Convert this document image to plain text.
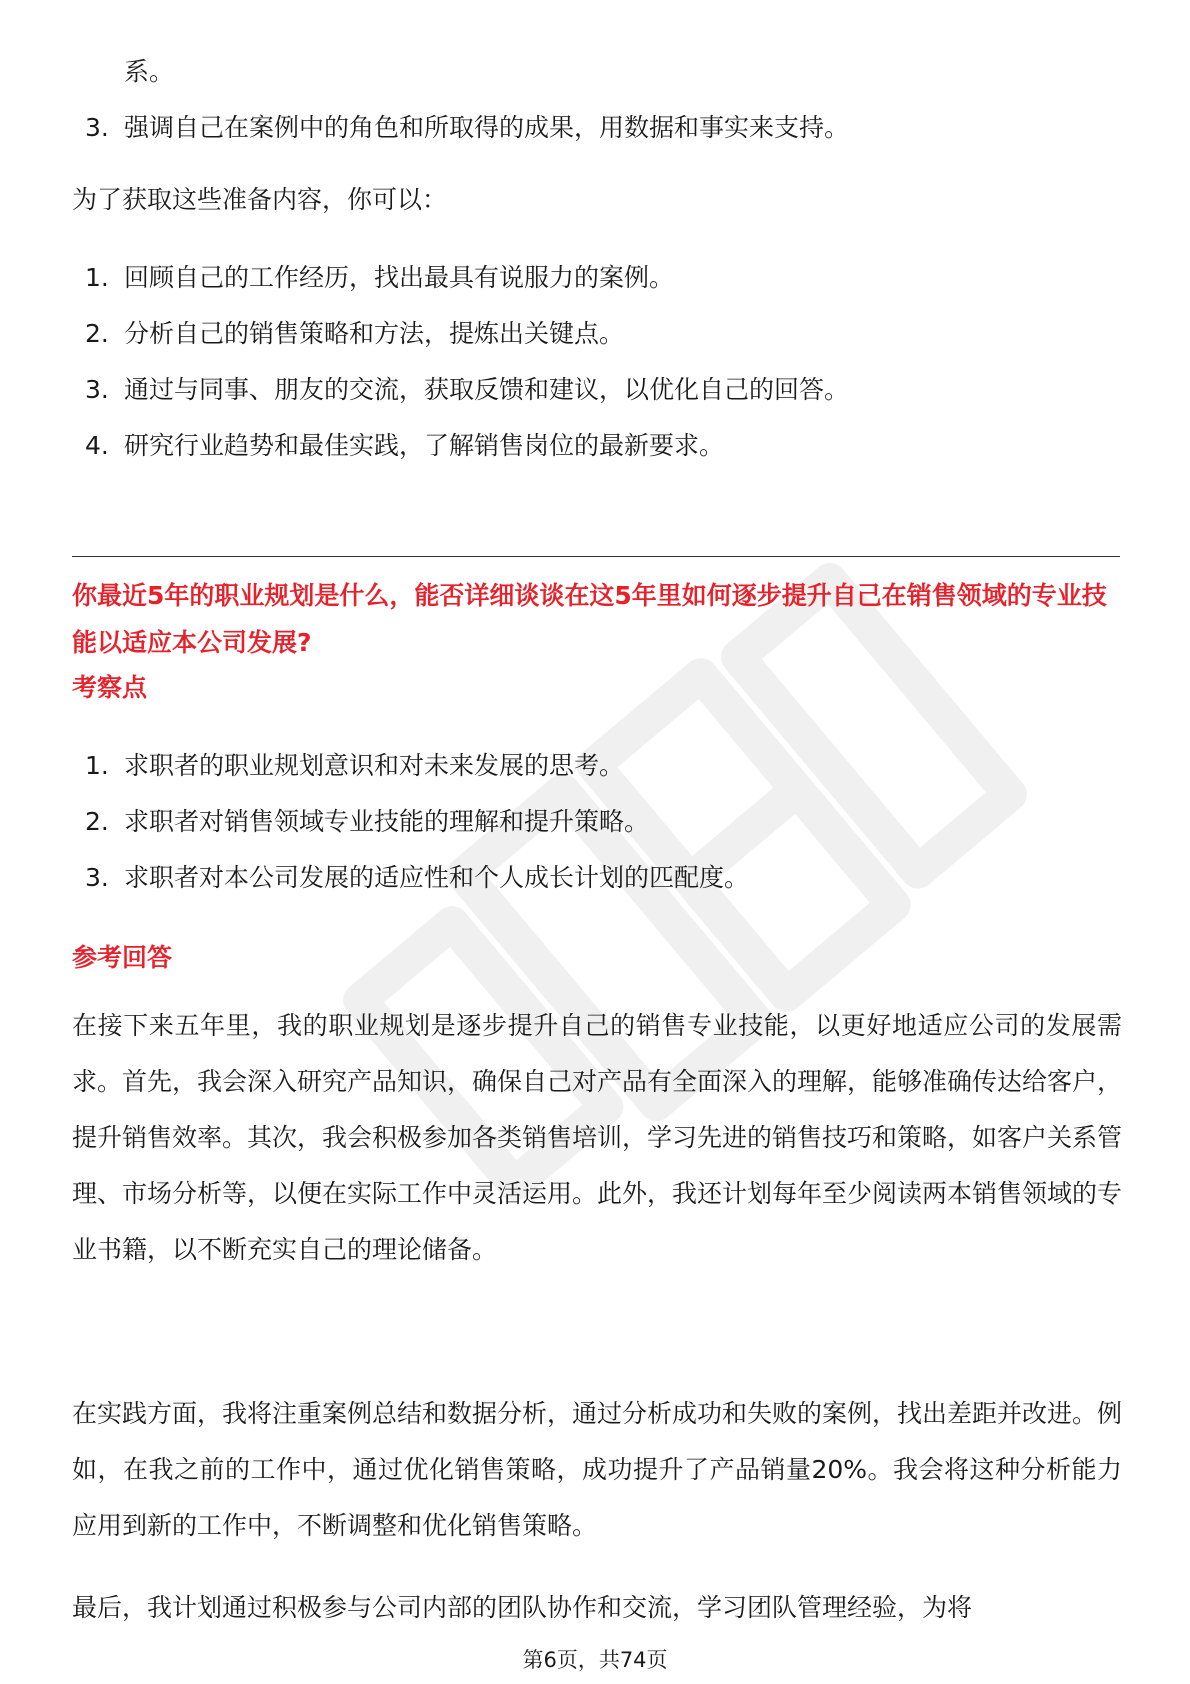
系。
3. 强调自己在案例中的角色和所取得的成果，用数据和事实来支持。
为了获取这些准备内容，你可以：
1. 回顾自己的工作经历，找出最具有说服力的案例。
2. 分析自己的销售策略和方法，提炼出关键点。
3. 通过与同事、朋友的交流，获取反馈和建议，以优化自己的回答。
4. 研究行业趋势和最佳实践，了解销售岗位的最新要求。
你最近5年的职业规划是什么，能否详细谈谈在这5年里如何逐步提升自己在销售领域的专业技能以适应本公司发展?
考察点
1. 求职者的职业规划意识和对未来发展的思考。
2. 求职者对销售领域专业技能的理解和提升策略。
3. 求职者对本公司发展的适应性和个人成长计划的匹配度。
参考回答
在接下来五年里，我的职业规划是逐步提升自己的销售专业技能，以更好地适应公司的发展需求。首先，我会深入研究产品知识，确保自己对产品有全面深入的理解，能够准确传达给客户，提升销售效率。其次，我会积极参加各类销售培训，学习先进的销售技巧和策略，如客户关系管理、市场分析等，以便在实际工作中灵活运用。此外，我还计划每年至少阅读两本销售领域的专业书籍，以不断充实自己的理论储备。
在实践方面，我将注重案例总结和数据分析，通过分析成功和失败的案例，找出差距并改进。例如，在我之前的工作中，通过优化销售策略，成功提升了产品销量20%。我会将这种分析能力应用到新的工作中，不断调整和优化销售策略。
最后，我计划通过积极参与公司内部的团队协作和交流，学习团队管理经验，为将
第6页，共74页
